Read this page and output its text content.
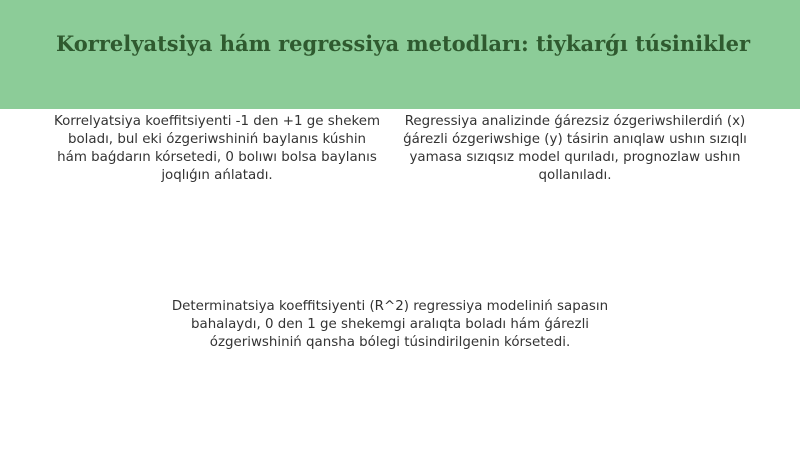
Korrelyatsiya hám regressiya metodları: tiykarǵı túsinikler

Korrelyatsiya koeffitsiyenti -1 den +1 ge shekem boladı, bul eki ózgeriwshiniń baylanıs kúshin hám baǵdarın kórsetedi, 0 bolıwı bolsa baylanıs joqlıǵın ańlatadı.

Regressiya analizinde ǵárezsiz ózgeriwshilerdiń (x) ǵárezli ózgeriwshige (y) tásirin anıqlaw ushın sızıqlı yamasa sızıqsız model qurıladı, prognozlaw ushın qollanıladı.

Determinatsiya koeffitsiyenti (R^2) regressiya modeliniń sapasın bahalaydı, 0 den 1 ge shekemgi aralıqta boladı hám ǵárezli ózgeriwshiniń qansha bólegi túsindirilgenin kórsetedi.
